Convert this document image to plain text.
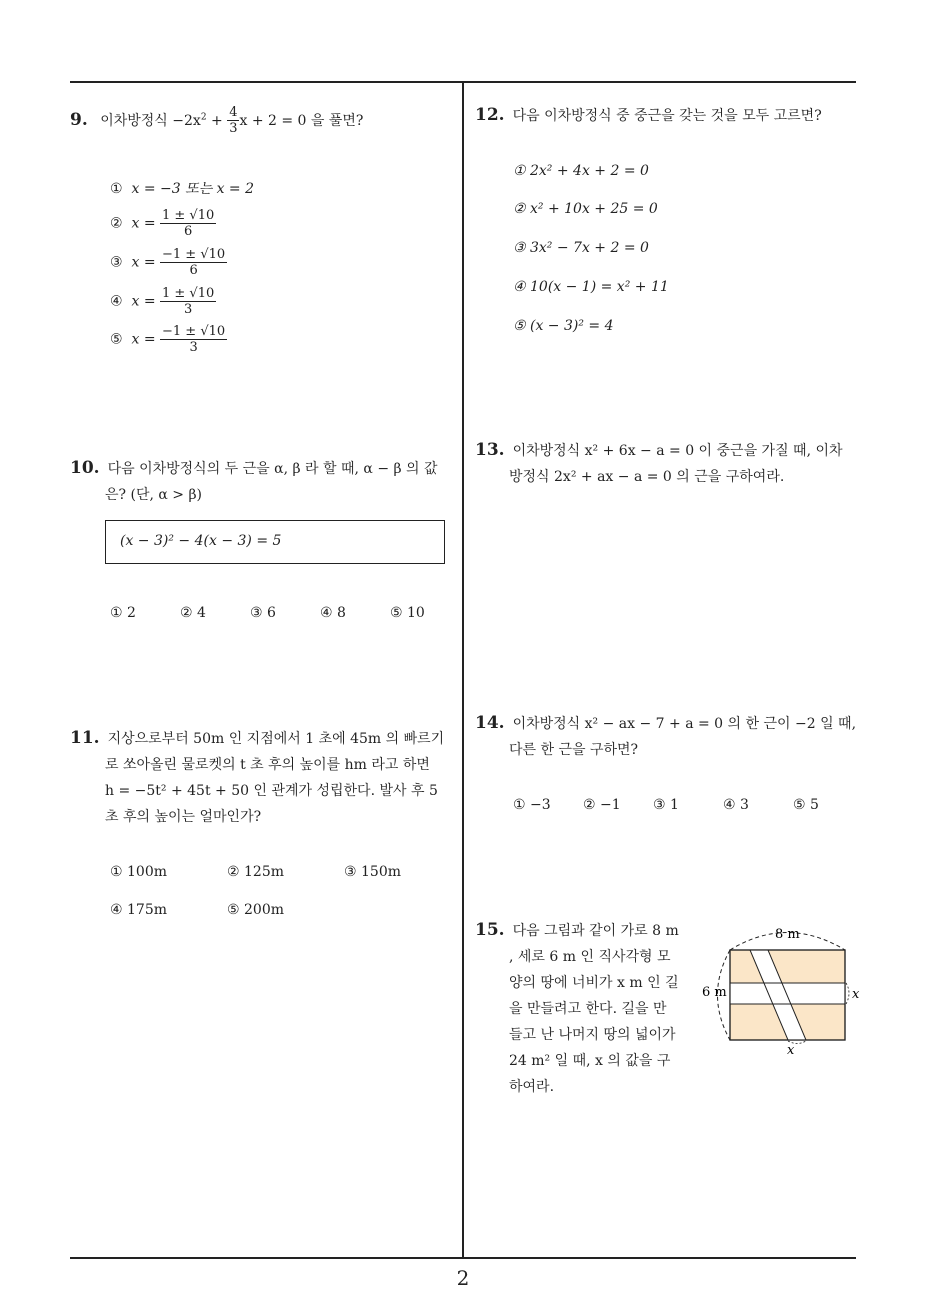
9. 이차방정식 $-2x^2 + \frac{4}{3}$ x + 2 = 0 을 풀면?
① x = −3 또는 x = 2
② $x = \frac{1 \pm √10}{6}$
③ $x = \frac{-1 \pm √10}{6}$
④ $x = \frac{1 \pm √10}{3}$
⑤ $x = \frac{-1 \pm √10}{3}$
10. 다음 이차방정식의 두 근을 α, β 라 할 때, α − β 의 값
은? (단, α > β)
(x − 3)² − 4(x − 3) = 5
① 2	② 4	③ 6	④ 8	⑤ 10
11. 지상으로부터 50m 인 지점에서 1 초에 45m 의 빠르기
로 쏘아올린 물로켓의 t 초 후의 높이를 hm 라고 하면
h = −5t² + 45t + 50 인 관계가 성립한다. 발사 후 5
초 후의 높이는 얼마인가?
① 100m	② 125m	③ 150m
④ 175m	⑤ 200m
12. 다음 이차방정식 중 중근을 갖는 것을 모두 고르면?
① 2x² + 4x + 2 = 0
② x² + 10x + 25 = 0
③ 3x² − 7x + 2 = 0
④ 10(x − 1) = x² + 11
⑤ (x − 3)² = 4
13. 이차방정식 x² + 6x − a = 0 이 중근을 가질 때, 이차
방정식 2x² + ax − a = 0 의 근을 구하여라.
14. 이차방정식 x² − ax − 7 + a = 0 의 한 근이 −2 일 때,
다른 한 근을 구하면?
① −3 ② −1 ③ 1	④ 3	⑤ 5
15. 다음 그림과 같이 가로 8 m
, 세로 6 m 인 직사각형 모
양의 땅에 너비가 x m 인 길
을 만들려고 한다. 길을 만
들고 난 나머지 땅의 넓이가
24 m² 일 때, x 의 값을 구
하여라.
8 m
6 m	x
x
2
